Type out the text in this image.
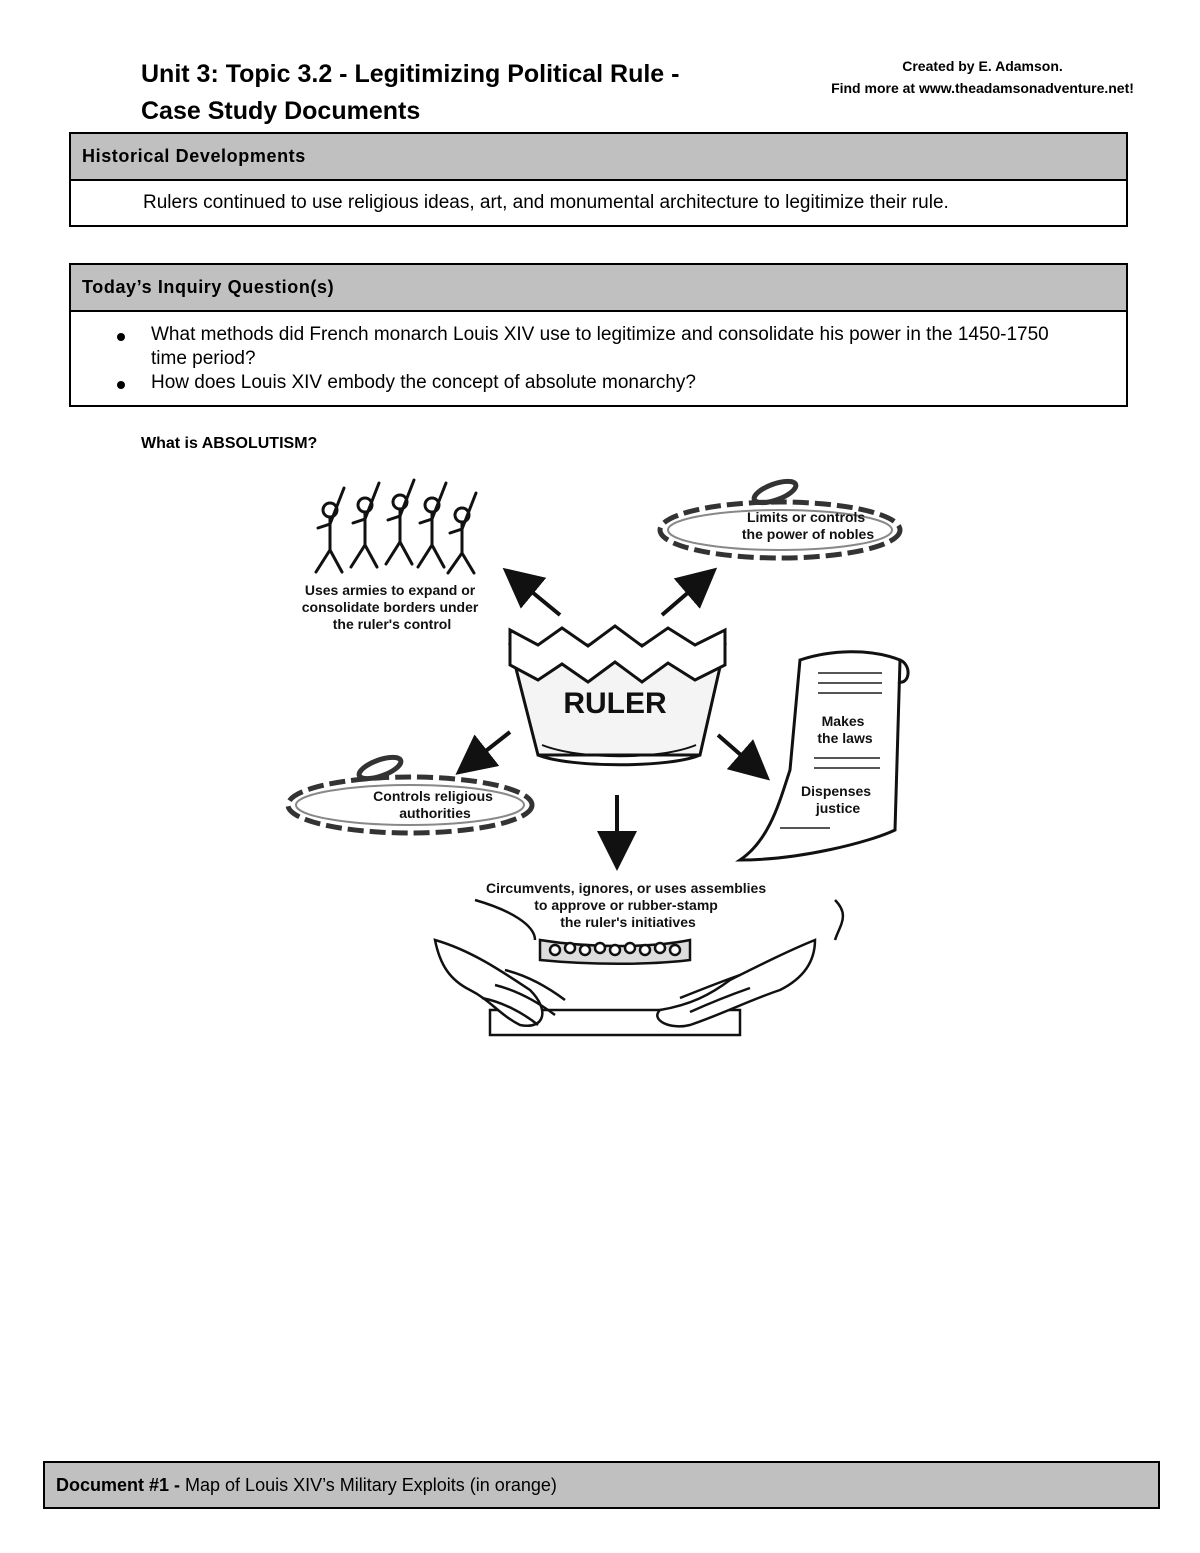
Unit 3: Topic 3.2 - Legitimizing Political Rule -
Case Study Documents
Created by E. Adamson.
Find more at www.theadamsonadventure.net!
Historical Developments
Rulers continued to use religious ideas, art, and monumental architecture to legitimize their rule.
Today’s Inquiry Question(s)
What methods did French monarch Louis XIV use to legitimize and consolidate his power in the 1450-1750 time period?
How does Louis XIV embody the concept of absolute monarchy?
What is ABSOLUTISM?
Uses armies to expand or consolidate borders under the ruler's control
Limits or controls the power of nobles
RULER
Makes the laws
Dispenses justice
Controls religious authorities
Circumvents, ignores, or uses assemblies to approve or rubber-stamp the ruler's initiatives
Document #1 - Map of Louis XIV’s Military Exploits (in orange)
